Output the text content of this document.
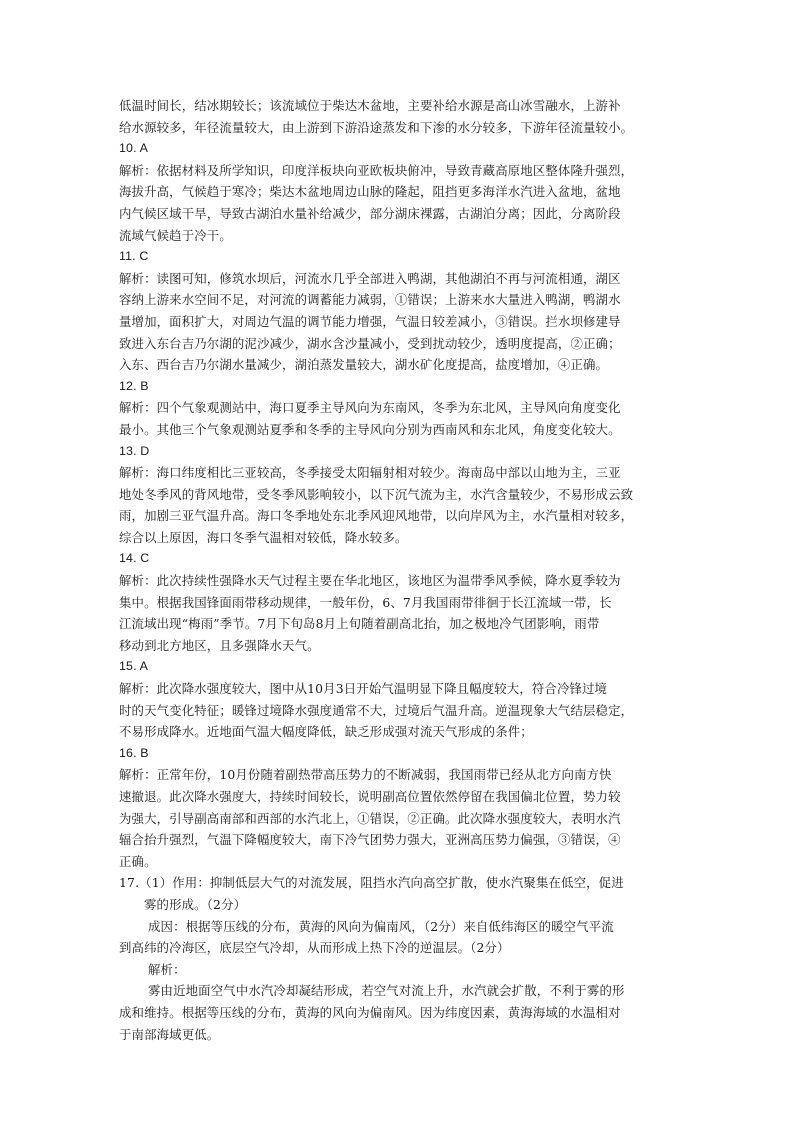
低温时间长，结冰期较长；该流域位于柴达木盆地，主要补给水源是高山冰雪融水，上游补
给水源较多，年径流量较大，由上游到下游沿途蒸发和下渗的水分较多，下游年径流量较小。
10. A
解析：依据材料及所学知识，印度洋板块向亚欧板块俯冲，导致青藏高原地区整体隆升强烈，
海拔升高，气候趋于寒冷；柴达木盆地周边山脉的隆起，阻挡更多海洋水汽进入盆地，盆地
内气候区域干旱，导致古湖泊水量补给减少，部分湖床裸露，古湖泊分离；因此，分离阶段
流域气候趋于冷干。
11. C
解析：读图可知，修筑水坝后，河流水几乎全部进入鸭湖，其他湖泊不再与河流相通，湖区
容纳上游来水空间不足，对河流的调蓄能力减弱，①错误；上游来水大量进入鸭湖，鸭湖水
量增加，面积扩大，对周边气温的调节能力增强，气温日较差减小，③错误。拦水坝修建导
致进入东台吉乃尔湖的泥沙减少，湖水含沙量减小，受到扰动较少，透明度提高，②正确；
入东、西台吉乃尔湖水量减少，湖泊蒸发量较大，湖水矿化度提高，盐度增加，④正确。
12. B
解析：四个气象观测站中，海口夏季主导风向为东南风，冬季为东北风，主导风向角度变化
最小。其他三个气象观测站夏季和冬季的主导风向分别为西南风和东北风，角度变化较大。
13. D
解析：海口纬度相比三亚较高，冬季接受太阳辐射相对较少。海南岛中部以山地为主，三亚
地处冬季风的背风地带，受冬季风影响较小，以下沉气流为主，水汽含量较少，不易形成云致
雨，加剧三亚气温升高。海口冬季地处东北季风迎风地带，以向岸风为主，水汽量相对较多，
综合以上原因，海口冬季气温相对较低，降水较多。
14. C
解析：此次持续性强降水天气过程主要在华北地区，该地区为温带季风季候，降水夏季较为
集中。根据我国锋面雨带移动规律，一般年份，6、7月我国雨带徘徊于长江流域一带，长
江流域出现“梅雨”季节。7月下旬岛8月上旬随着副高北抬，加之极地冷气团影响，雨带
移动到北方地区，且多强降水天气。
15. A
解析：此次降水强度较大，图中从10月3日开始气温明显下降且幅度较大，符合冷锋过境
时的天气变化特征；暖锋过境降水强度通常不大，过境后气温升高。逆温现象大气结层稳定，
不易形成降水。近地面气温大幅度降低，缺乏形成强对流天气形成的条件；
16. B
解析：正常年份，10月份随着副热带高压势力的不断减弱，我国雨带已经从北方向南方快
速撤退。此次降水强度大，持续时间较长，说明副高位置依然停留在我国偏北位置，势力较
为强大，引导副高南部和西部的水汽北上，①错误，②正确。此次降水强度较大，表明水汽
辐合抬升强烈，气温下降幅度较大，南下冷气团势力强大，亚洲高压势力偏强，③错误，④
正确。
17.（1）作用：抑制低层大气的对流发展，阻挡水汽向高空扩散，使水汽聚集在低空，促进
雾的形成。（2分）
成因：根据等压线的分布，黄海的风向为偏南风，（2分）来自低纬海区的暖空气平流
到高纬的冷海区，底层空气冷却，从而形成上热下冷的逆温层。（2分）
解析：
雾由近地面空气中水汽冷却凝结形成，若空气对流上升，水汽就会扩散，不利于雾的形
成和维持。根据等压线的分布，黄海的风向为偏南风。因为纬度因素，黄海海域的水温相对
于南部海域更低。
